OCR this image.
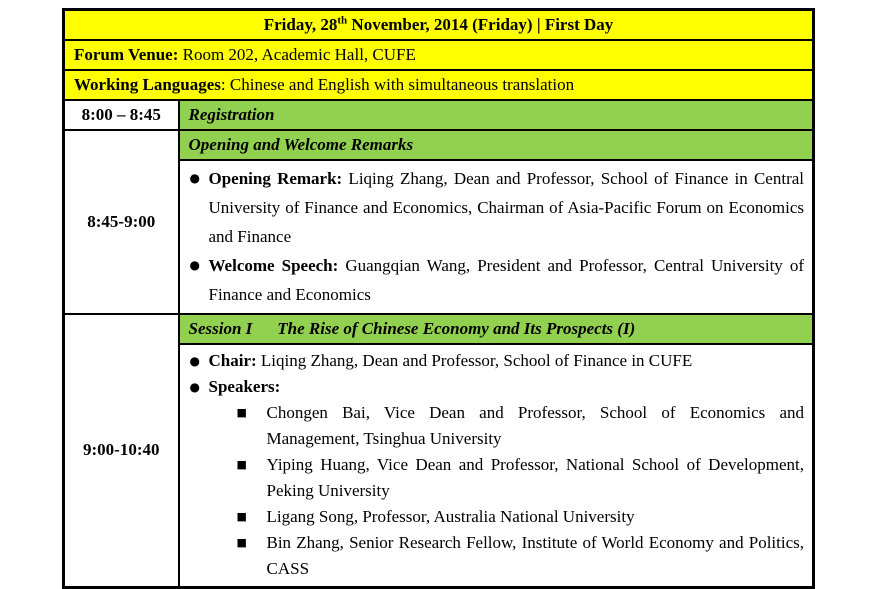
Friday, 28th November, 2014 (Friday) | First Day	
Forum Venue: Room 202, Academic Hall, CUFE	
Working Languages: Chinese and English with simultaneous translation	
8:00 – 8:45	Registration
8:45-9:00	Opening and Welcome Remarks

	● Opening Remark: Liqing Zhang, Dean and Professor, School of Finance in Central University of Finance and Economics, Chairman of Asia-Pacific Forum on Economics and Finance
● Welcome Speech: Guangqian Wang, President and Professor, Central University of Finance and Economics

9:00-10:40	Session I The Rise of Chinese Economy and Its Prospects (I)

● Chair: Liqing Zhang, Dean and Professor, School of Finance in CUFE
● Speakers:
■	Chongen Bai, Vice Dean and Professor, School of Economics and Management, Tsinghua University
■	Yiping Huang, Vice Dean and Professor, National School of Development, Peking University
■	Ligang Song, Professor, Australia National University
■	Bin Zhang, Senior Research Fellow, Institute of World Economy and Politics, CASS
